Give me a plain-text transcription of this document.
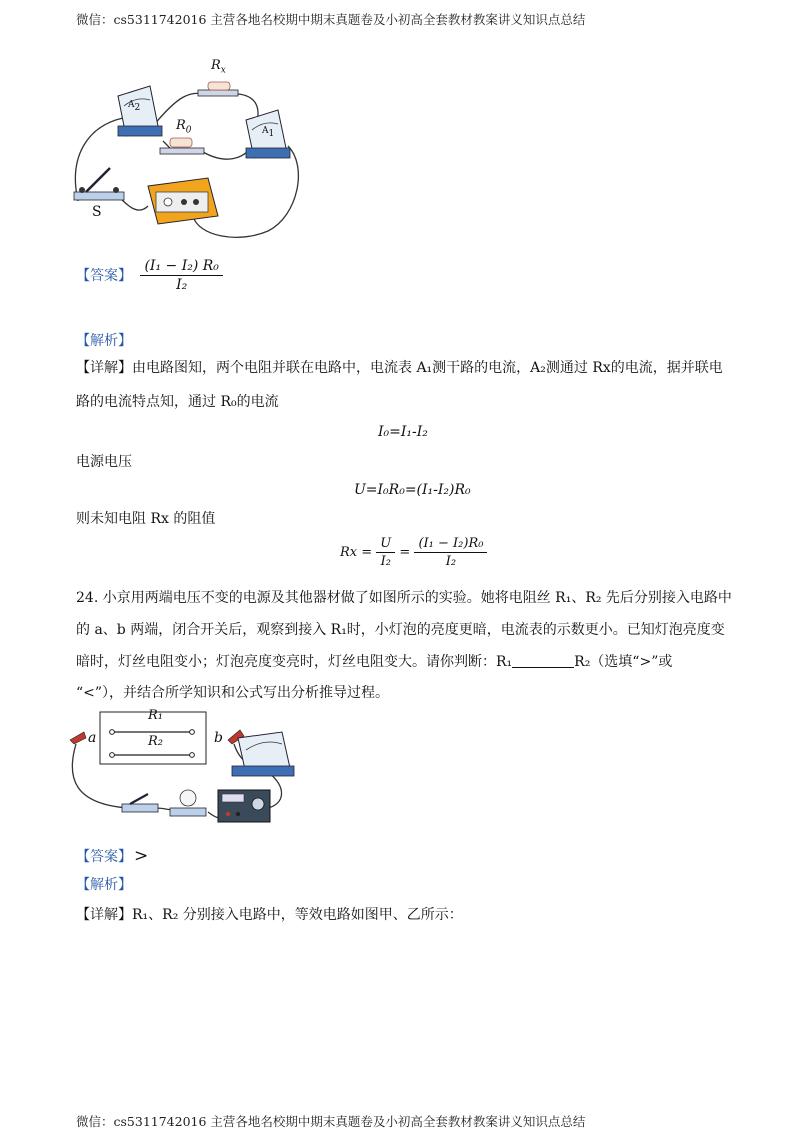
微信：cs5311742016 主营各地名校期中期末真题卷及小初高全套教材教案讲义知识点总结
$R_x$
$R_0$
$A_2$
$A_1$
S
【答案】 $\frac{\text{(I₁ − I₂) R₀}}{\text{I₂}}$
【解析】
【详解】由电路图知，两个电阻并联在电路中，电流表 A₁测干路的电流，A₂测通过 Rx的电流，据并联电
路的电流特点知，通过 R₀的电流
I₀=I₁-I₂
电源电压
U=I₀R₀=(I₁-I₂)R₀
则未知电阻 Rx 的阻值
$Rx = \frac{U}{\text{I₂}} = \frac{\text{(I₁ − I₂)R₀}}{\text{I₂}}$
24. 小京用两端电压不变的电源及其他器材做了如图所示的实验。她将电阻丝 R₁、R₂ 先后分别接入电路中
的 a、b 两端，闭合开关后，观察到接入 R₁时，小灯泡的亮度更暗，电流表的示数更小。已知灯泡亮度变
暗时，灯丝电阻变小；灯泡亮度变亮时，灯丝电阻变大。请你判断：R₁	R₂（选填“>”或
“<”），并结合所学知识和公式写出分析推导过程。
R₁
R₂
a	b
【答案】 >
【解析】
【详解】R₁、R₂ 分别接入电路中，等效电路如图甲、乙所示：
微信：cs5311742016 主营各地名校期中期末真题卷及小初高全套教材教案讲义知识点总结
